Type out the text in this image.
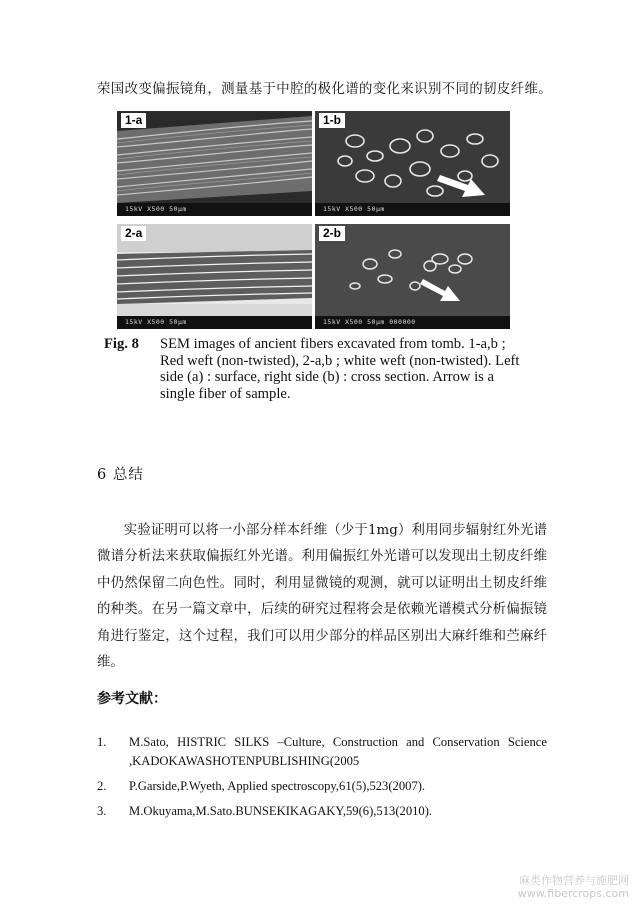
荣国改变偏振镜角，测量基于中腔的极化谱的变化来识别不同的韧皮纤维。
1-a
15kV X500 50μm
1-b
15kV X500 50μm
2-a
15kV X500 50μm
2-b
15kV X500 50μm 000000
Fig. 8 SEM images of ancient fibers excavated from tomb. 1-a,b ; Red weft (non-twisted), 2-a,b ; white weft (non-twisted). Left side (a) : surface, right side (b) : cross section. Arrow is a single fiber of sample.
6 总结
实验证明可以将一小部分样本纤维（少于1mg）利用同步辐射红外光谱微谱分析法来获取偏振红外光谱。利用偏振红外光谱可以发现出土韧皮纤维中仍然保留二向色性。同时，利用显微镜的观测，就可以证明出土韧皮纤维的种类。在另一篇文章中，后续的研究过程将会是依赖光谱模式分析偏振镜角进行鉴定，这个过程，我们可以用少部分的样品区别出大麻纤维和苎麻纤维。
参考文献：
1. M.Sato, HISTRIC SILKS –Culture, Construction and Conservation Science ,KADOKAWASHOTENPUBLISHING(2005
2. P.Garside,P.Wyeth, Applied spectroscopy,61(5),523(2007).
3. M.Okuyama,M.Sato.BUNSEKIKAGAKY,59(6),513(2010).
麻类作物营养与施肥网
www.fibercrops.com
